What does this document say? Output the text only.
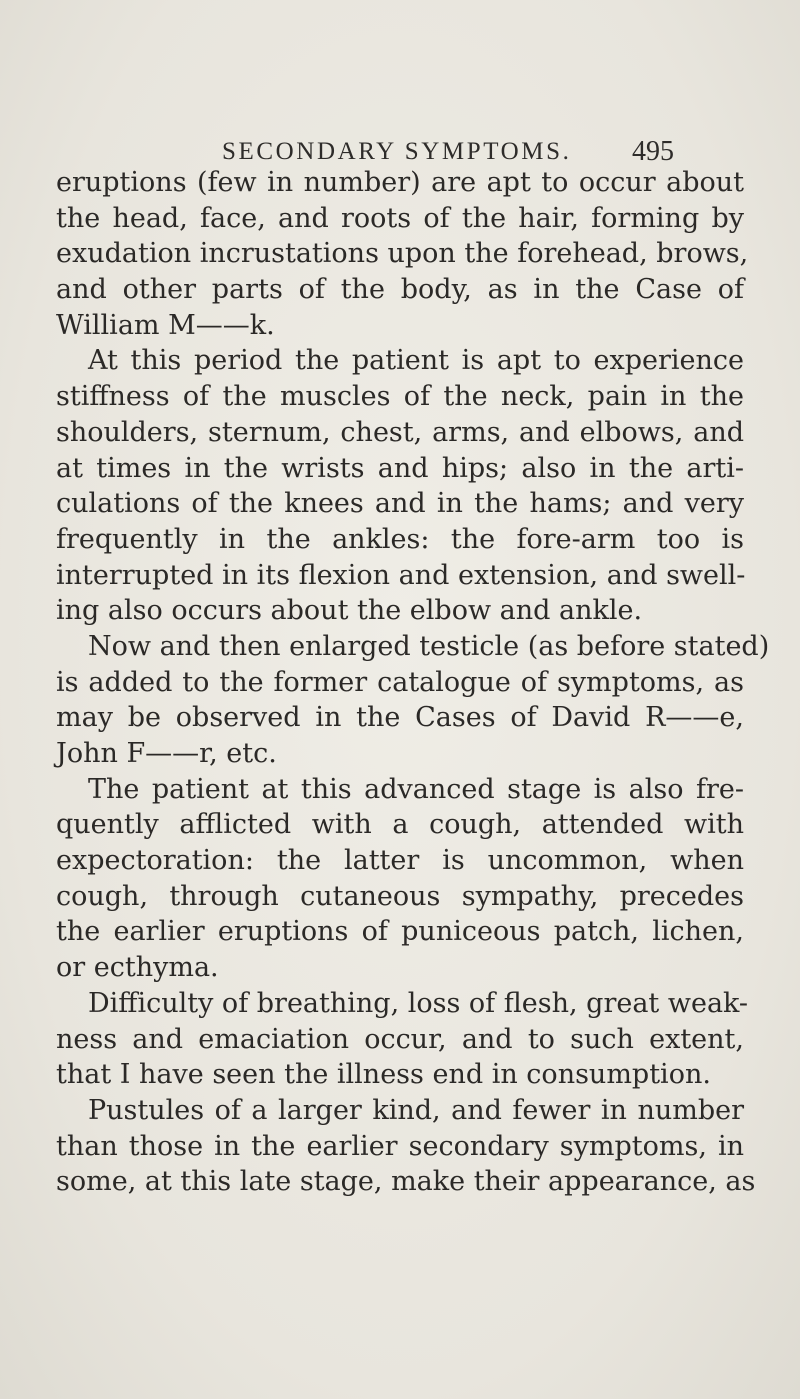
SECONDARY SYMPTOMS. 495
eruptions (few in number) are apt to occur about
the head, face, and roots of the hair, forming by
exudation incrustations upon the forehead, brows,
and other parts of the body, as in the Case of
William M——k.
At this period the patient is apt to experience
stiffness of the muscles of the neck, pain in the
shoulders, sternum, chest, arms, and elbows, and
at times in the wrists and hips; also in the arti-
culations of the knees and in the hams; and very
frequently in the ankles: the fore-arm too is
interrupted in its flexion and extension, and swell-
ing also occurs about the elbow and ankle.
Now and then enlarged testicle (as before stated)
is added to the former catalogue of symptoms, as
may be observed in the Cases of David R——e,
John F——r, etc.
The patient at this advanced stage is also fre-
quently afflicted with a cough, attended with
expectoration: the latter is uncommon, when
cough, through cutaneous sympathy, precedes
the earlier eruptions of puniceous patch, lichen,
or ecthyma.
Difficulty of breathing, loss of flesh, great weak-
ness and emaciation occur, and to such extent,
that I have seen the illness end in consumption.
Pustules of a larger kind, and fewer in number
than those in the earlier secondary symptoms, in
some, at this late stage, make their appearance, as
